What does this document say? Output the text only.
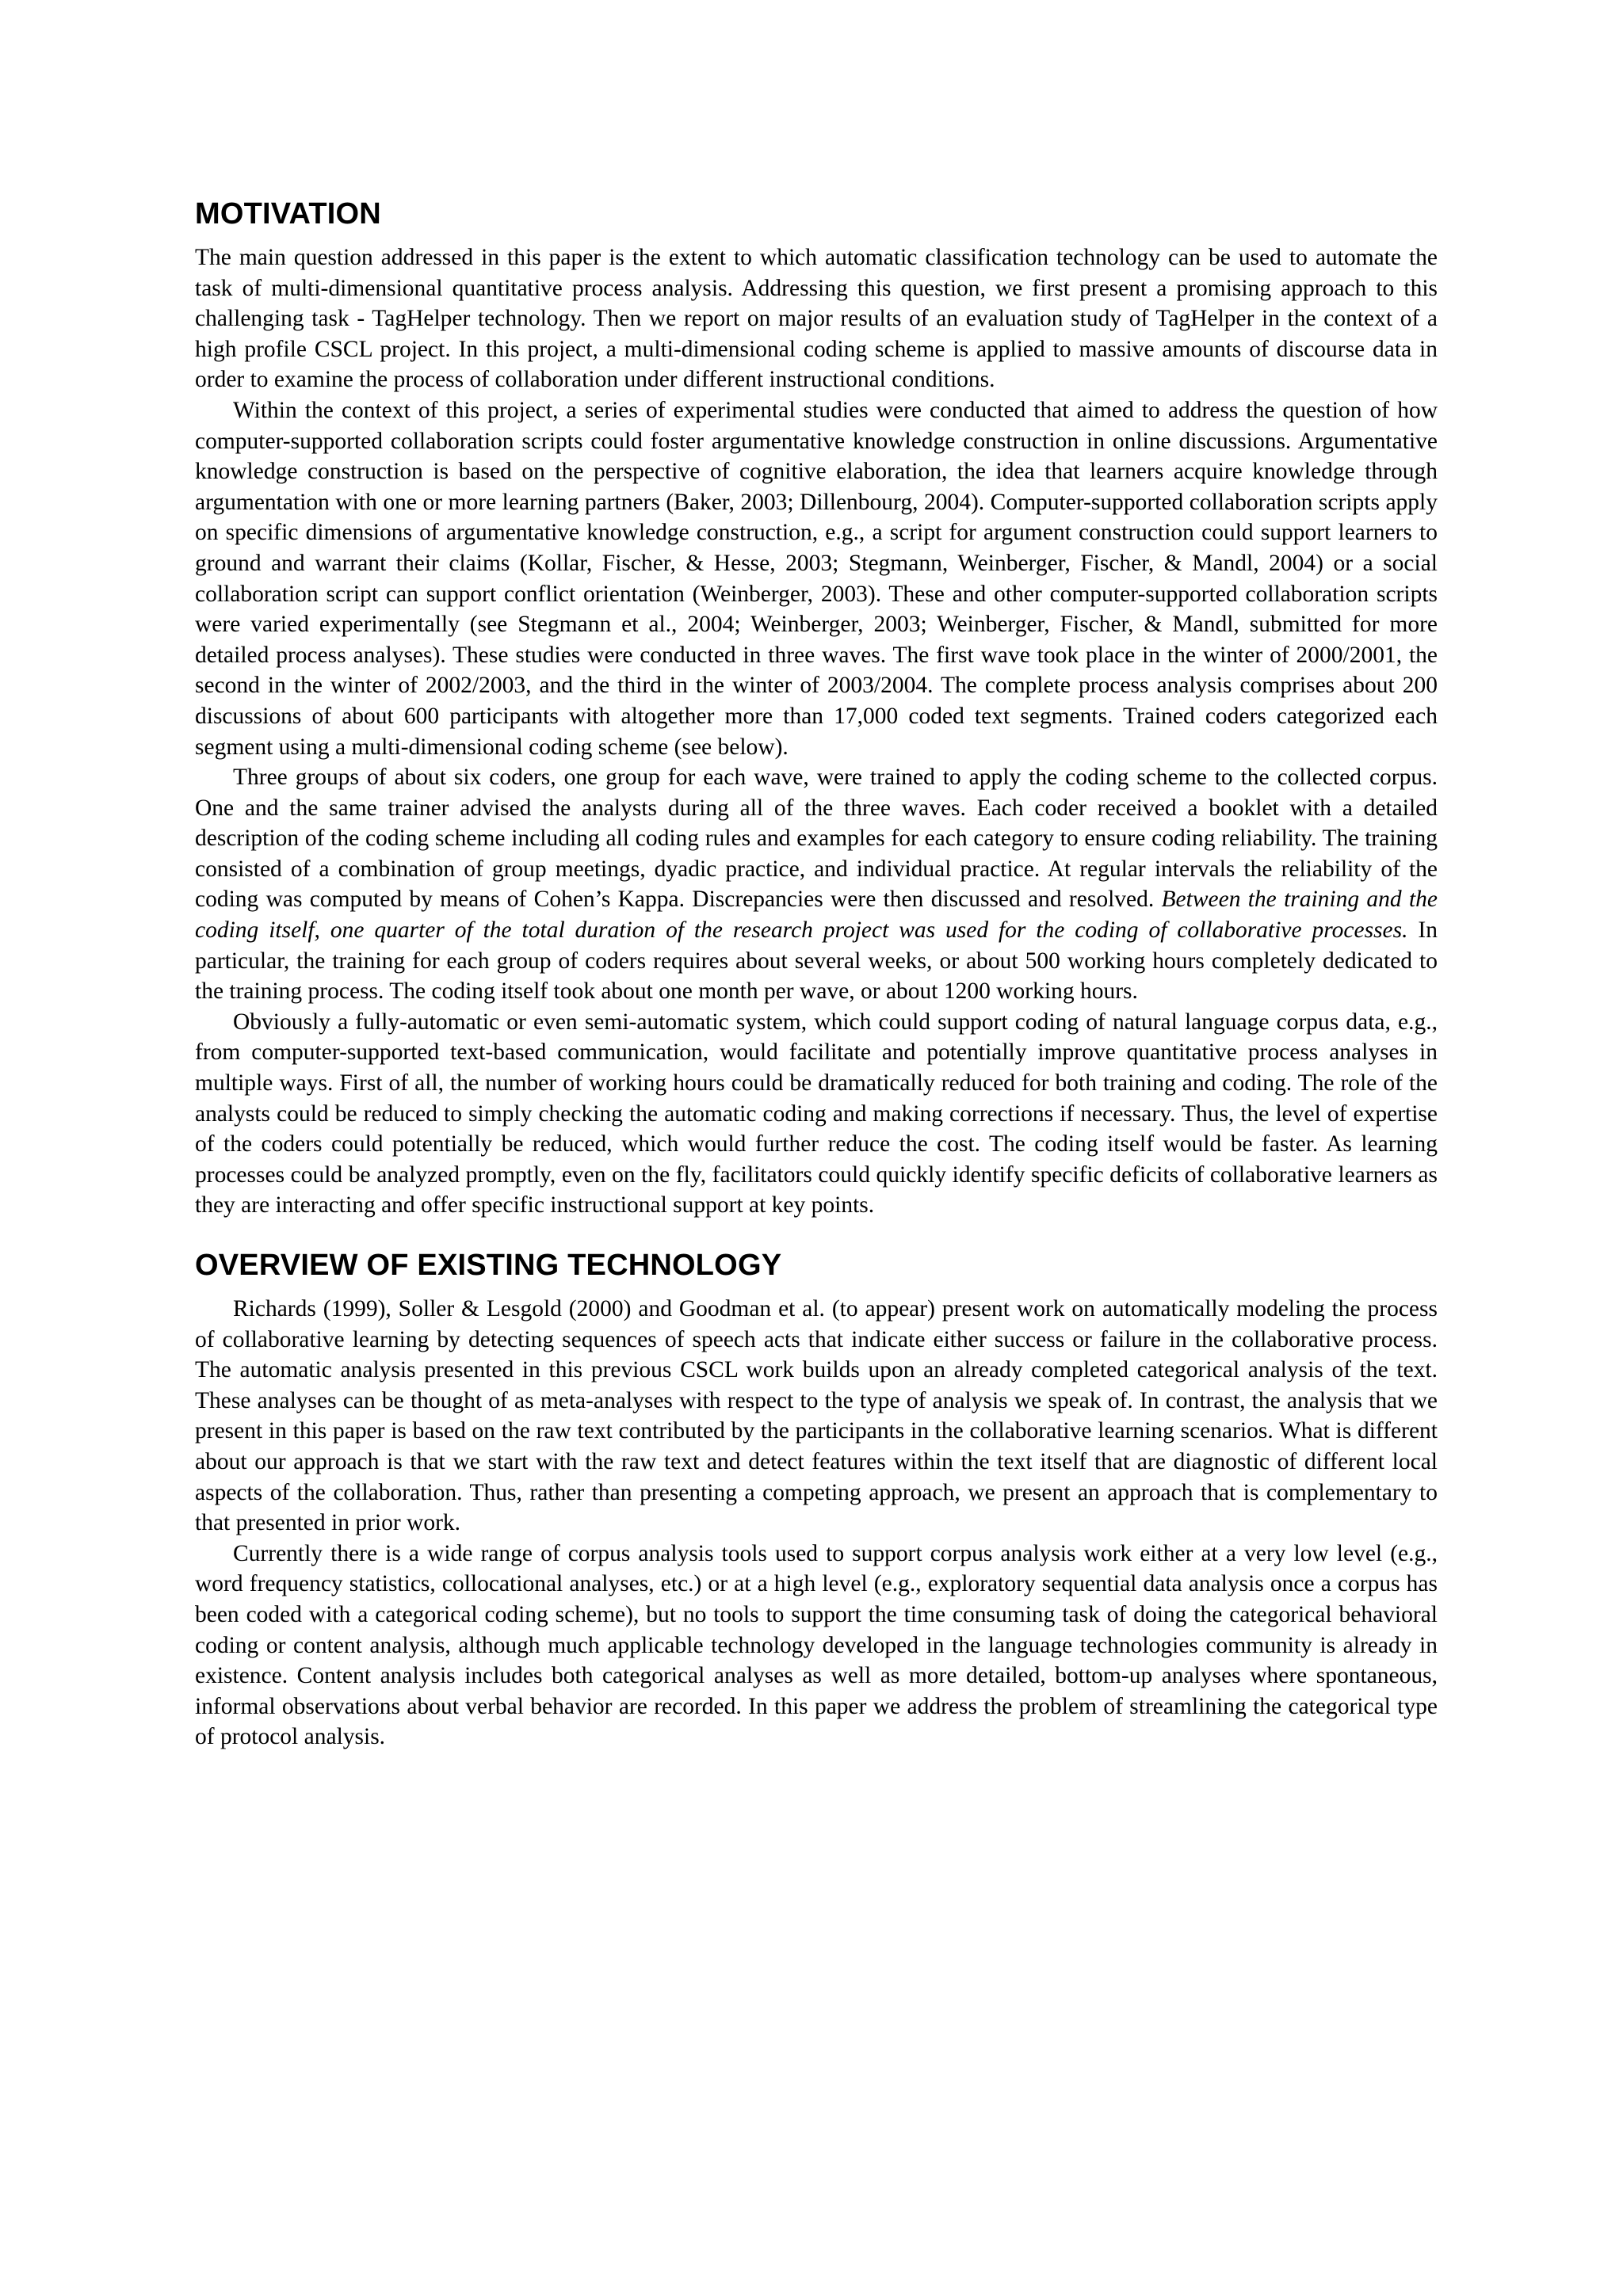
MOTIVATION

The main question addressed in this paper is the extent to which automatic classification technology can be used to automate the task of multi-dimensional quantitative process analysis. Addressing this question, we first present a promising approach to this challenging task - TagHelper technology. Then we report on major results of an evaluation study of TagHelper in the context of a high profile CSCL project. In this project, a multi-dimensional coding scheme is applied to massive amounts of discourse data in order to examine the process of collaboration under different instructional conditions.

Within the context of this project, a series of experimental studies were conducted that aimed to address the question of how computer-supported collaboration scripts could foster argumentative knowledge construction in online discussions. Argumentative knowledge construction is based on the perspective of cognitive elaboration, the idea that learners acquire knowledge through argumentation with one or more learning partners (Baker, 2003; Dillenbourg, 2004). Computer-supported collaboration scripts apply on specific dimensions of argumentative knowledge construction, e.g., a script for argument construction could support learners to ground and warrant their claims (Kollar, Fischer, & Hesse, 2003; Stegmann, Weinberger, Fischer, & Mandl, 2004) or a social collaboration script can support conflict orientation (Weinberger, 2003). These and other computer-supported collaboration scripts were varied experimentally (see Stegmann et al., 2004; Weinberger, 2003; Weinberger, Fischer, & Mandl, submitted for more detailed process analyses). These studies were conducted in three waves. The first wave took place in the winter of 2000/2001, the second in the winter of 2002/2003, and the third in the winter of 2003/2004. The complete process analysis comprises about 200 discussions of about 600 participants with altogether more than 17,000 coded text segments. Trained coders categorized each segment using a multi-dimensional coding scheme (see below).

Three groups of about six coders, one group for each wave, were trained to apply the coding scheme to the collected corpus. One and the same trainer advised the analysts during all of the three waves. Each coder received a booklet with a detailed description of the coding scheme including all coding rules and examples for each category to ensure coding reliability. The training consisted of a combination of group meetings, dyadic practice, and individual practice. At regular intervals the reliability of the coding was computed by means of Cohen’s Kappa. Discrepancies were then discussed and resolved. Between the training and the coding itself, one quarter of the total duration of the research project was used for the coding of collaborative processes. In particular, the training for each group of coders requires about several weeks, or about 500 working hours completely dedicated to the training process. The coding itself took about one month per wave, or about 1200 working hours.

Obviously a fully-automatic or even semi-automatic system, which could support coding of natural language corpus data, e.g., from computer-supported text-based communication, would facilitate and potentially improve quantitative process analyses in multiple ways. First of all, the number of working hours could be dramatically reduced for both training and coding. The role of the analysts could be reduced to simply checking the automatic coding and making corrections if necessary. Thus, the level of expertise of the coders could potentially be reduced, which would further reduce the cost. The coding itself would be faster. As learning processes could be analyzed promptly, even on the fly, facilitators could quickly identify specific deficits of collaborative learners as they are interacting and offer specific instructional support at key points.

OVERVIEW OF EXISTING TECHNOLOGY

Richards (1999), Soller & Lesgold (2000) and Goodman et al. (to appear) present work on automatically modeling the process of collaborative learning by detecting sequences of speech acts that indicate either success or failure in the collaborative process. The automatic analysis presented in this previous CSCL work builds upon an already completed categorical analysis of the text. These analyses can be thought of as meta-analyses with respect to the type of analysis we speak of. In contrast, the analysis that we present in this paper is based on the raw text contributed by the participants in the collaborative learning scenarios. What is different about our approach is that we start with the raw text and detect features within the text itself that are diagnostic of different local aspects of the collaboration. Thus, rather than presenting a competing approach, we present an approach that is complementary to that presented in prior work.

Currently there is a wide range of corpus analysis tools used to support corpus analysis work either at a very low level (e.g., word frequency statistics, collocational analyses, etc.) or at a high level (e.g., exploratory sequential data analysis once a corpus has been coded with a categorical coding scheme), but no tools to support the time consuming task of doing the categorical behavioral coding or content analysis, although much applicable technology developed in the language technologies community is already in existence. Content analysis includes both categorical analyses as well as more detailed, bottom-up analyses where spontaneous, informal observations about verbal behavior are recorded. In this paper we address the problem of streamlining the categorical type of protocol analysis.
